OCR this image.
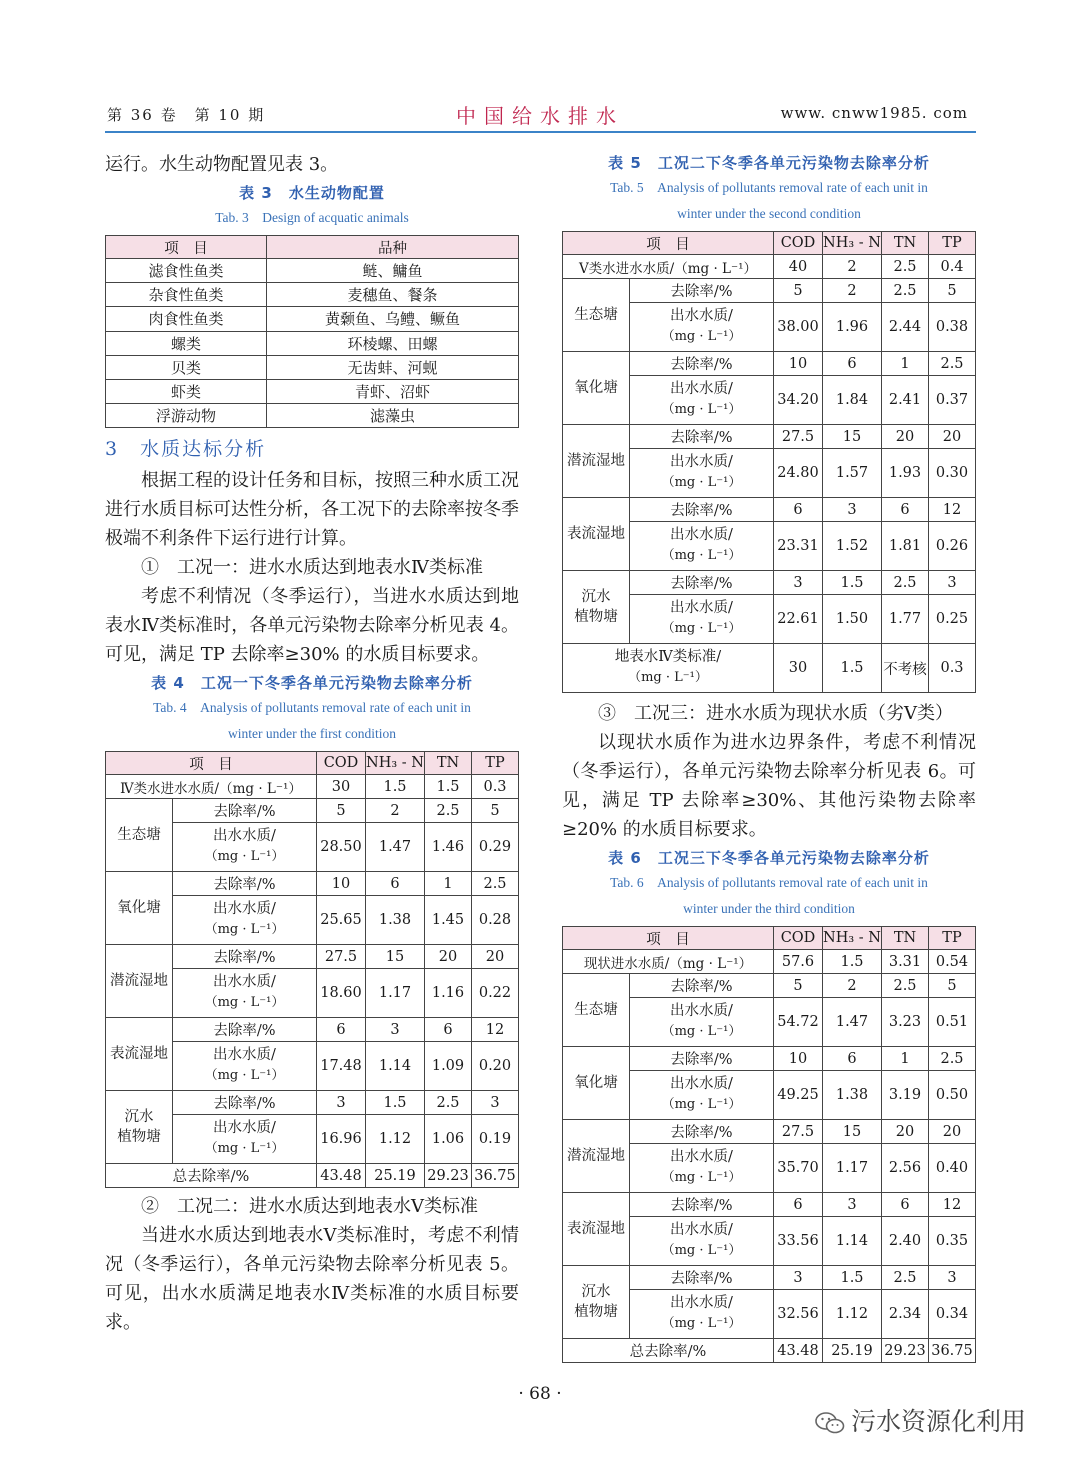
第 36 卷　第 10 期	中国给水排水	www. cnww1985. com

运行。水生动物配置见表 3。

表 3　水生动物配置
Tab. 3　Design of acquatic animals
项　目	品种
滤食性鱼类	鲢、鳙鱼
杂食性鱼类	麦穗鱼、餐条
肉食性鱼类	黄颡鱼、乌鳢、鳜鱼
螺类	环棱螺、田螺
贝类	无齿蚌、河蚬
虾类	青虾、沼虾
浮游动物	滤藻虫
3　水质达标分析

根据工程的设计任务和目标，按照三种水质工况进行水质目标可达性分析，各工况下的去除率按冬季极端不利条件下运行进行计算。

①　工况一：进水水质达到地表水Ⅳ类标准

考虑不利情况（冬季运行），当进水水质达到地表水Ⅳ类标准时，各单元污染物去除率分析见表 4。可见，满足 TP 去除率≥30% 的水质目标要求。

表 4　工况一下冬季各单元污染物去除率分析
Tab. 4　Analysis of pollutants removal rate of each unit in
winter under the first condition
项　目		COD	NH₃ - N	TN	TP
Ⅳ类水进水水质/（mg · L⁻¹）		30	1.5	1.5	0.3
生态塘	去除率/%	5	2	2.5	5
	出水水质/
（mg · L⁻¹）	28.50	1.47	1.46	0.29
氧化塘	去除率/%	10	6	1	2.5
	出水水质/
（mg · L⁻¹）	25.65	1.38	1.45	0.28
潜流湿地	去除率/%	27.5	15	20	20
	出水水质/
（mg · L⁻¹）	18.60	1.17	1.16	0.22
表流湿地	去除率/%	6	3	6	12
	出水水质/
（mg · L⁻¹）	17.48	1.14	1.09	0.20
沉水
植物塘	去除率/%	3	1.5	2.5	3
	出水水质/
（mg · L⁻¹）	16.96	1.12	1.06	0.19
总去除率/%		43.48	25.19	29.23	36.75

②　工况二：进水水质达到地表水Ⅴ类标准

当进水水质达到地表水Ⅴ类标准时，考虑不利情况（冬季运行），各单元污染物去除率分析见表 5。可见，出水水质满足地表水Ⅳ类标准的水质目标要求。

表 5　工况二下冬季各单元污染物去除率分析
Tab. 5　Analysis of pollutants removal rate of each unit in
winter under the second condition
项　目		COD	NH₃ - N	TN	TP
Ⅴ类水进水水质/（mg · L⁻¹）		40	2	2.5	0.4
生态塘	去除率/%	5	2	2.5	5
	出水水质/
（mg · L⁻¹）	38.00	1.96	2.44	0.38
氧化塘	去除率/%	10	6	1	2.5
	出水水质/
（mg · L⁻¹）	34.20	1.84	2.41	0.37
潜流湿地	去除率/%	27.5	15	20	20
	出水水质/
（mg · L⁻¹）	24.80	1.57	1.93	0.30
表流湿地	去除率/%	6	3	6	12
	出水水质/
（mg · L⁻¹）	23.31	1.52	1.81	0.26
沉水
植物塘	去除率/%	3	1.5	2.5	3
	出水水质/
（mg · L⁻¹）	22.61	1.50	1.77	0.25
地表水Ⅳ类标准/
（mg · L⁻¹）		30	1.5	不考核	0.3

③　工况三：进水水质为现状水质（劣Ⅴ类）

以现状水质作为进水边界条件，考虑不利情况（冬季运行），各单元污染物去除率分析见表 6。可见，满足 TP 去除率≥30%、其他污染物去除率≥20% 的水质目标要求。

表 6　工况三下冬季各单元污染物去除率分析
Tab. 6　Analysis of pollutants removal rate of each unit in
winter under the third condition
项　目		COD	NH₃ - N	TN	TP
现状进水水质/（mg · L⁻¹）		57.6	1.5	3.31	0.54
生态塘	去除率/%	5	2	2.5	5
	出水水质/
（mg · L⁻¹）	54.72	1.47	3.23	0.51
氧化塘	去除率/%	10	6	1	2.5
	出水水质/
（mg · L⁻¹）	49.25	1.38	3.19	0.50
潜流湿地	去除率/%	27.5	15	20	20
	出水水质/
（mg · L⁻¹）	35.70	1.17	2.56	0.40
表流湿地	去除率/%	6	3	6	12
	出水水质/
（mg · L⁻¹）	33.56	1.14	2.40	0.35
沉水
植物塘	去除率/%	3	1.5	2.5	3
	出水水质/
（mg · L⁻¹）	32.56	1.12	2.34	0.34
总去除率/%		43.48	25.19	29.23	36.75
· 68 ·
污水资源化利用
